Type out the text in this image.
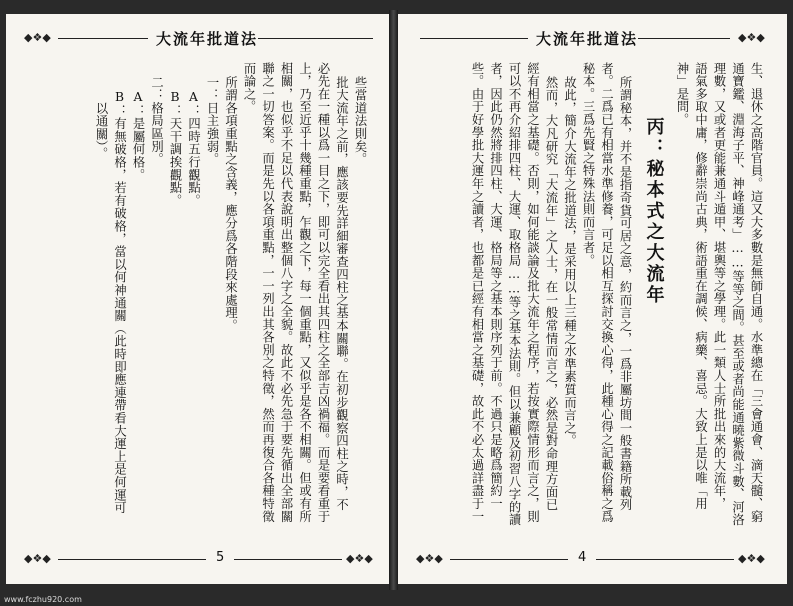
◆❖◆	大流年批道法

些當道法則矣。

批大流年之前，應該要先詳細審查四柱之基本關聯。在初步觀察四柱之時，不

必先在一種以爲一目之下，即可以完全看出其四柱之全部吉凶禍福。而是要看重于

上，乃至近乎十幾種重點，乍觀之下，每一個重點，又似乎是各不相關。但或有所

相關，也似乎不足以代表說明出整個八字之全貌。故此不必先急于要先循出全部關

聯之一切答案。而是先以各項重點，一一列出其各別之特徵，然而再復合各種特徵

而論之。

所謂各項重點之含義，應分爲各階段來處理。

一：日主強弱。

A：四時五行觀點。

B：天干調挨觀點。

二：格局區別。

A：是屬何格。

B：有無破格，若有破格，當以何神通關（此時即應連帶看大運上是何運可

以通關）。

◆❖◆	5	◆❖◆
大流年批道法	◆❖◆

生、退休之高階官員。這又大多數是無師自通。水準總在「三會通會、滴天髓、窮

通寶鑑、淵海子平、神峰通考」……等等之間。甚至或者尚能通曉紫微斗數、河洛

理數，又或者更能兼通斗遁甲、堪輿等之學理。此一類人士所批出來的大流年，

語氣多取中庸，修辭崇尚古典，術語重在調候、病藥、喜忌。大致上是以唯「用

神」是問。

丙：秘本式之大流年

所謂秘本，并不是指奇貨可居之意，約而言之，一爲非屬坊間一般書籍所載列

者。二爲已有相當水準修養，可足以相互探討交換心得，此種心得之記載俗稱之爲

秘本。三爲先賢之特殊法則而言者。

故此，簡介大流年之批道法，是采用以上三種之水準素質而言之。

然而，大凡研究「大流年」之人士，在一般常情而言之，必然是對命理方面已

經有相當之基礎。否則，如何能談論及批大流年之程序，若按實際情形而言之，則

可以不再介紹排四柱、大運、取格局……等之基本法則。但以兼顧及初習八字的讀

者，因此仍然將排四柱、大運、格局等之基本則序列于前。不過只是略爲簡約一

些。由于好學批大運年之讀者，也都是已經有相當之基礎，故此不必太過詳盡于一

◆❖◆	4	◆❖◆
www.fczhu920.com
